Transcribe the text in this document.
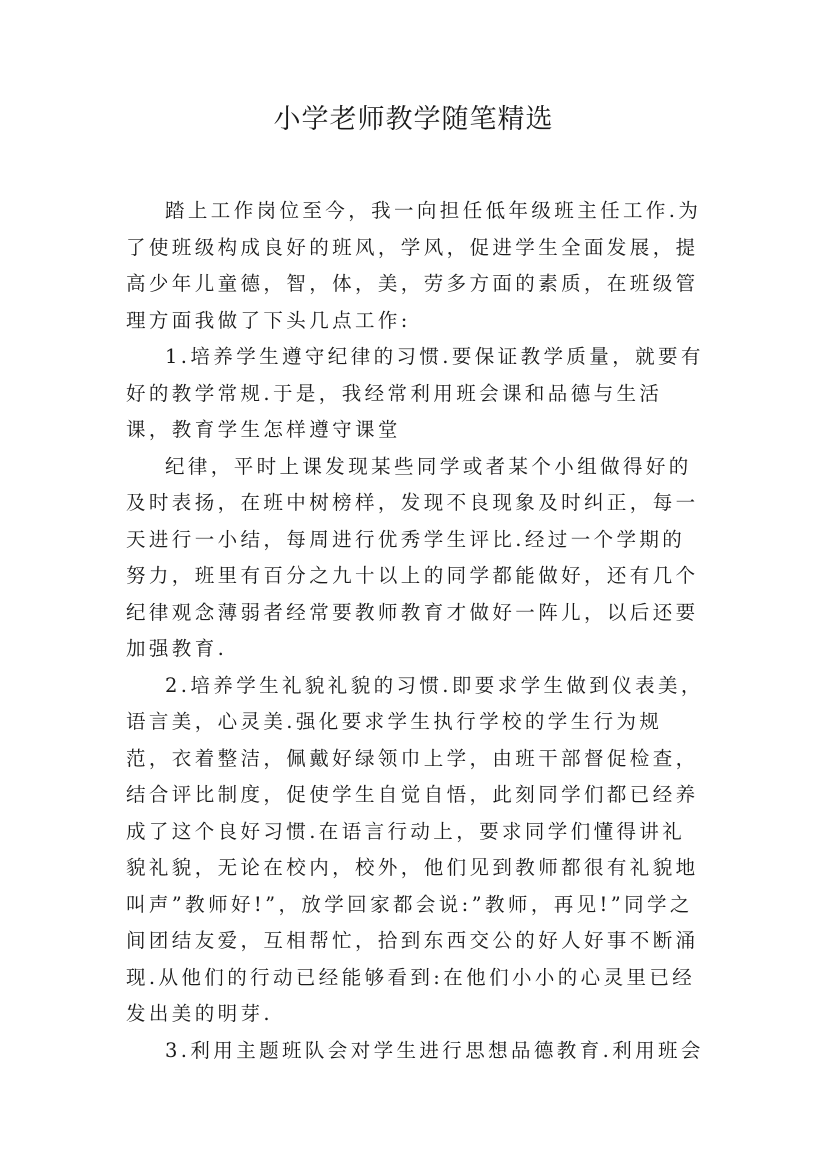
小学老师教学随笔精选

踏上工作岗位至今，我一向担任低年级班主任工作.为了使班级构成良好的班风，学风，促进学生全面发展，提高少年儿童德，智，体，美，劳多方面的素质，在班级管理方面我做了下头几点工作:

1.培养学生遵守纪律的习惯.要保证教学质量，就要有好的教学常规.于是，我经常利用班会课和品德与生活课，教育学生怎样遵守课堂

纪律，平时上课发现某些同学或者某个小组做得好的及时表扬，在班中树榜样，发现不良现象及时纠正，每一天进行一小结，每周进行优秀学生评比.经过一个学期的努力，班里有百分之九十以上的同学都能做好，还有几个纪律观念薄弱者经常要教师教育才做好一阵儿，以后还要加强教育.

2.培养学生礼貌礼貌的习惯.即要求学生做到仪表美，语言美，心灵美.强化要求学生执行学校的学生行为规范，衣着整洁，佩戴好绿领巾上学，由班干部督促检查，结合评比制度，促使学生自觉自悟，此刻同学们都已经养成了这个良好习惯.在语言行动上，要求同学们懂得讲礼貌礼貌，无论在校内，校外，他们见到教师都很有礼貌地叫声”教师好!”，放学回家都会说:”教师，再见!”同学之间团结友爱，互相帮忙，拾到东西交公的好人好事不断涌现.从他们的行动已经能够看到:在他们小小的心灵里已经发出美的明芽.

3.利用主题班队会对学生进行思想品德教育.利用班会
